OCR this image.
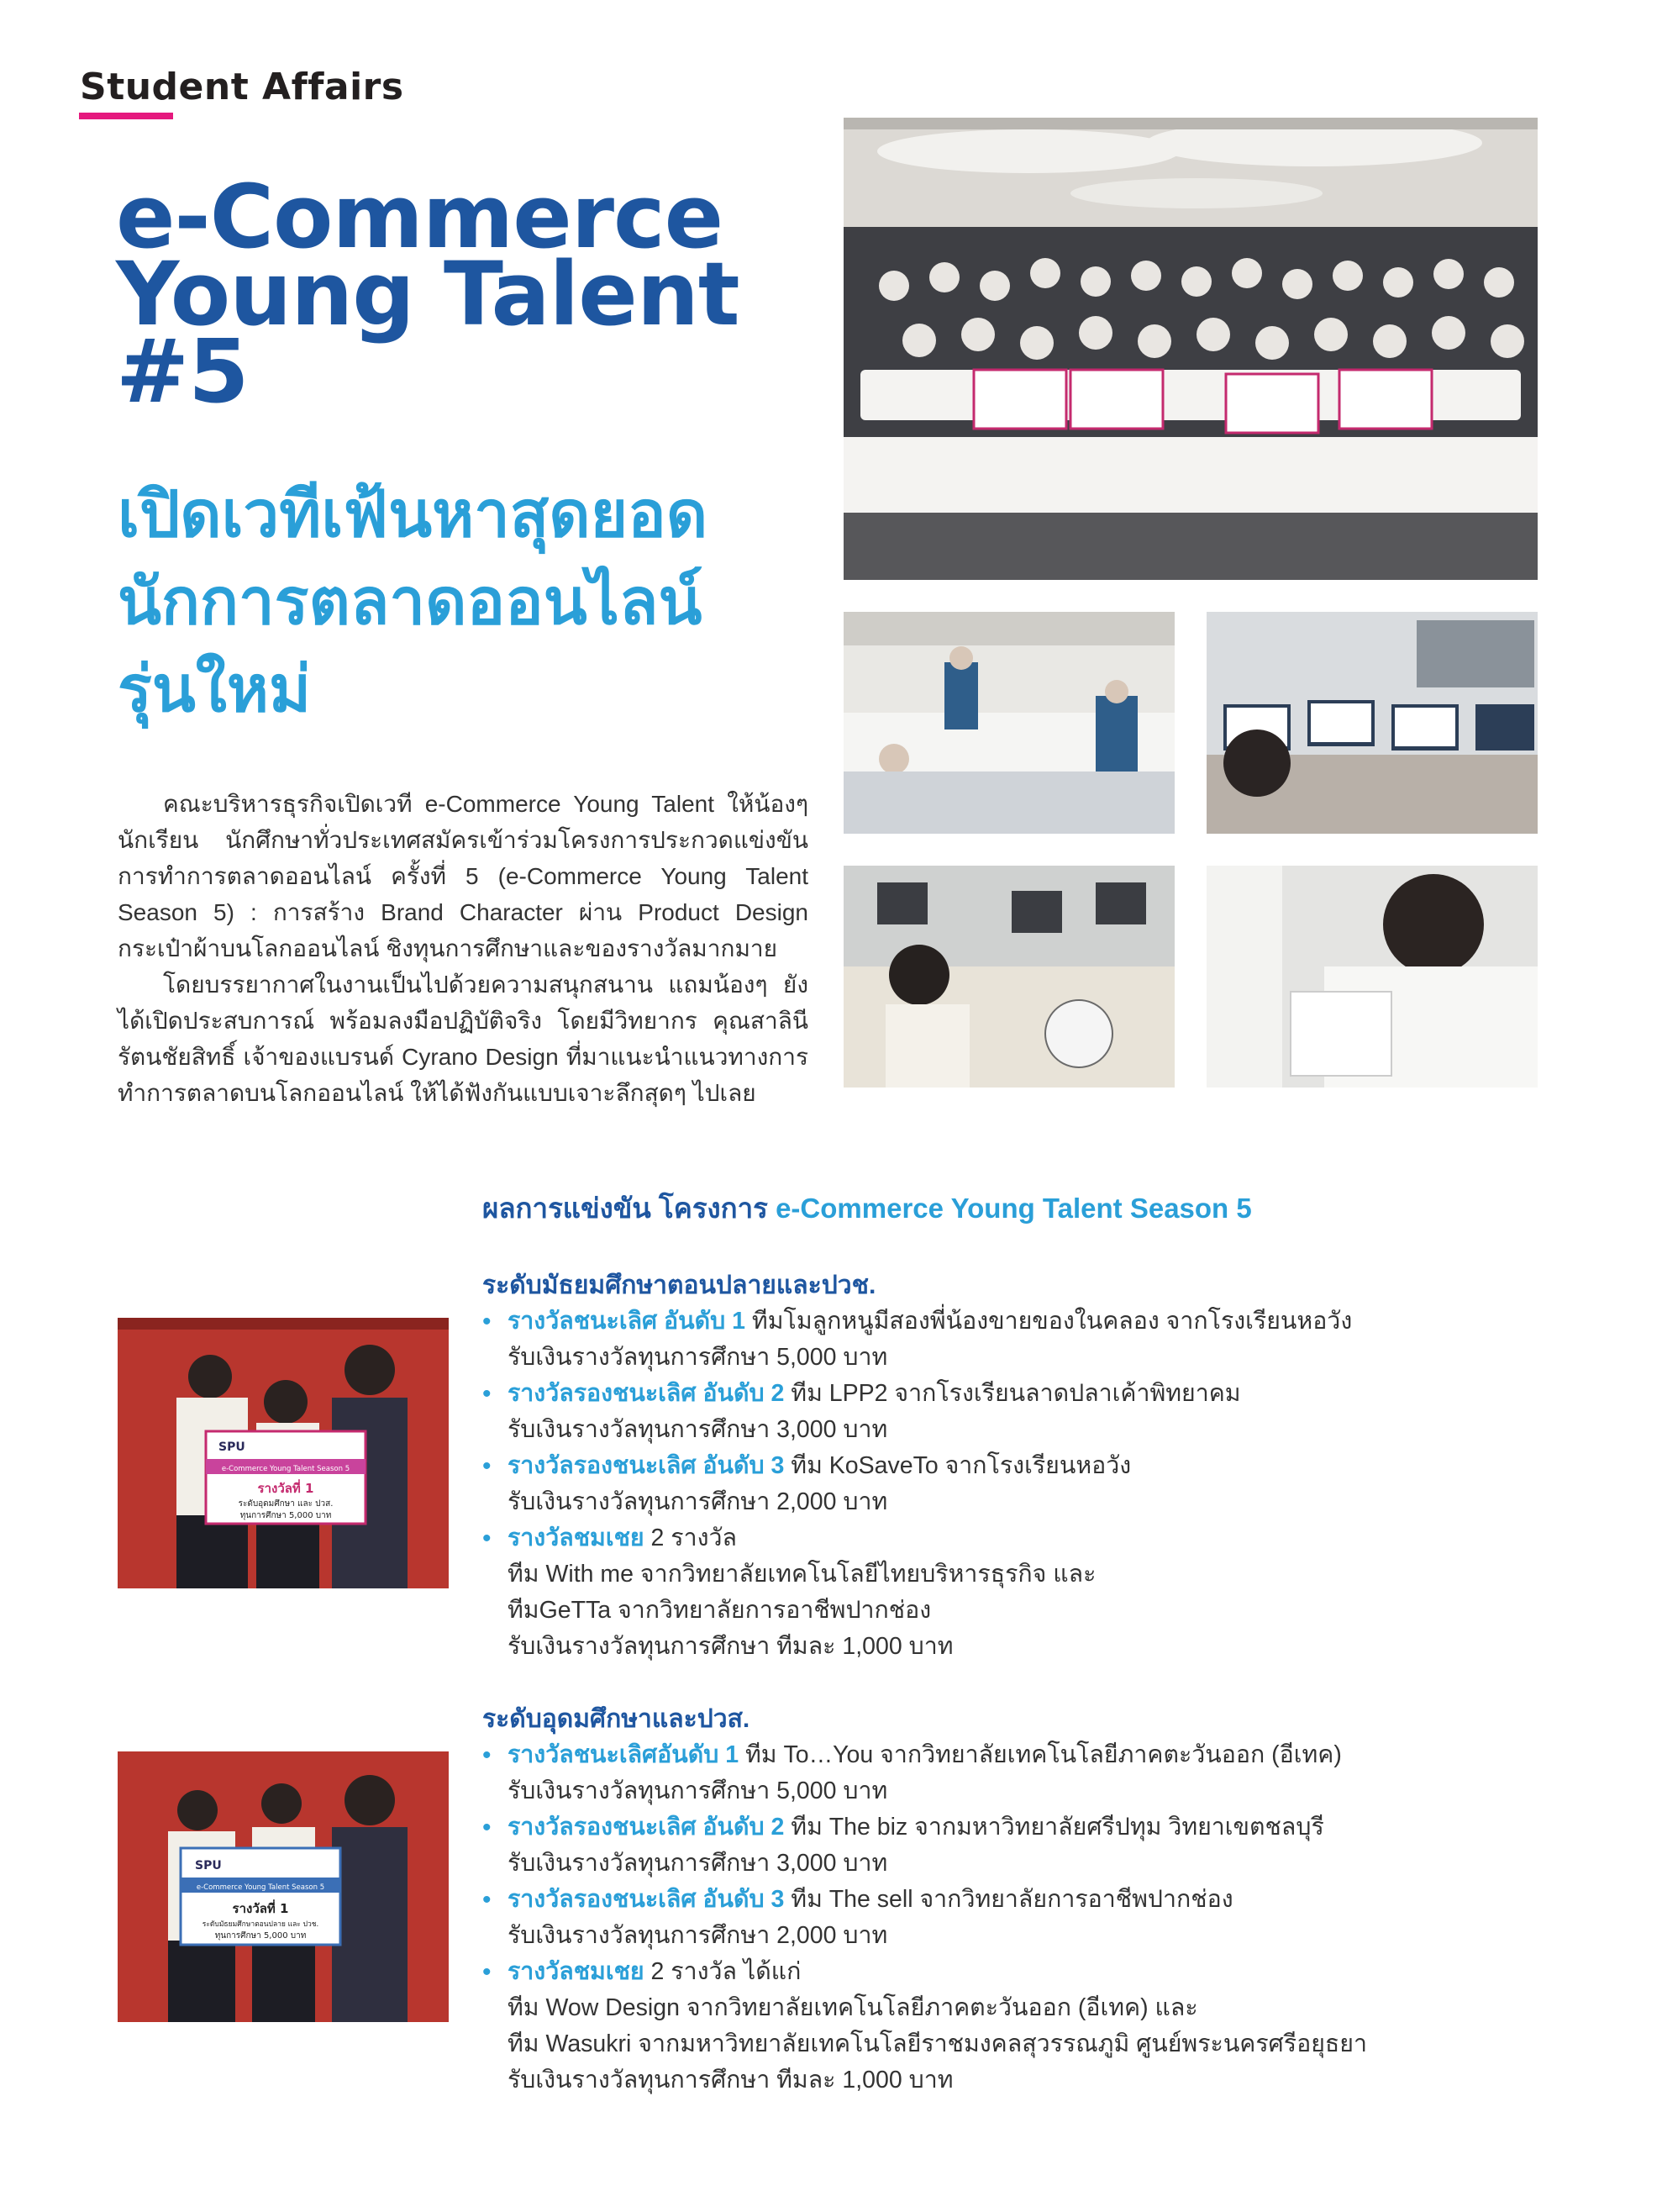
Student Affairs
e-Commerce
Young Talent
#5
เปิดเวทีเฟ้นหาสุดยอด
นักการตลาดออนไลน์
รุ่นใหม่

คณะบริหารธุรกิจเปิดเวที e-Commerce Young Talent ให้น้องๆ นักเรียน นักศึกษาทั่วประเทศสมัครเข้าร่วมโครงการประกวดแข่งขันการทำการตลาดออนไลน์ ครั้งที่ 5 (e-Commerce Young Talent Season 5) : การสร้าง Brand Character ผ่าน Product Design กระเป๋าผ้าบนโลกออนไลน์ ชิงทุนการศึกษาและของรางวัลมากมาย

โดยบรรยากาศในงานเป็นไปด้วยความสนุกสนาน แถมน้องๆ ยังได้เปิดประสบการณ์ พร้อมลงมือปฏิบัติจริง โดยมีวิทยากร คุณสาลินี รัตนชัยสิทธิ์ เจ้าของแบรนด์ Cyrano Design ที่มาแนะนำแนวทางการทำการตลาดบนโลกออนไลน์ ให้ได้ฟังกันแบบเจาะลึกสุดๆ ไปเลย

SPU
e-Commerce Young Talent Season 5
รางวัลที่ 1
ระดับอุดมศึกษา และ ปวส.
ทุนการศึกษา 5,000 บาท
SPU
e-Commerce Young Talent Season 5
รางวัลที่ 1
ระดับมัธยมศึกษาตอนปลาย และ ปวช.
ทุนการศึกษา 5,000 บาท
ผลการแข่งขัน โครงการ e-Commerce Young Talent Season 5
ระดับมัธยมศึกษาตอนปลายและปวช.
• รางวัลชนะเลิศ อันดับ 1 ทีมโมลูกหนูมีสองพี่น้องขายของในคลอง จากโรงเรียนหอวัง
รับเงินรางวัลทุนการศึกษา 5,000 บาท
• รางวัลรองชนะเลิศ อันดับ 2 ทีม LPP2 จากโรงเรียนลาดปลาเค้าพิทยาคม
รับเงินรางวัลทุนการศึกษา 3,000 บาท
• รางวัลรองชนะเลิศ อันดับ 3 ทีม KoSaveTo จากโรงเรียนหอวัง
รับเงินรางวัลทุนการศึกษา 2,000 บาท
• รางวัลชมเชย 2 รางวัล
ทีม With me จากวิทยาลัยเทคโนโลยีไทยบริหารธุรกิจ และ
ทีมGeTTa จากวิทยาลัยการอาชีพปากช่อง
รับเงินรางวัลทุนการศึกษา ทีมละ 1,000 บาท
ระดับอุดมศึกษาและปวส.
• รางวัลชนะเลิศอันดับ 1 ทีม To…You จากวิทยาลัยเทคโนโลยีภาคตะวันออก (อีเทค)
รับเงินรางวัลทุนการศึกษา 5,000 บาท
• รางวัลรองชนะเลิศ อันดับ 2 ทีม The biz จากมหาวิทยาลัยศรีปทุม วิทยาเขตชลบุรี
รับเงินรางวัลทุนการศึกษา 3,000 บาท
• รางวัลรองชนะเลิศ อันดับ 3 ทีม The sell จากวิทยาลัยการอาชีพปากช่อง
รับเงินรางวัลทุนการศึกษา 2,000 บาท
• รางวัลชมเชย 2 รางวัล ได้แก่
ทีม Wow Design จากวิทยาลัยเทคโนโลยีภาคตะวันออก (อีเทค) และ
ทีม Wasukri จากมหาวิทยาลัยเทคโนโลยีราชมงคลสุวรรณภูมิ ศูนย์พระนครศรีอยุธยา
รับเงินรางวัลทุนการศึกษา ทีมละ 1,000 บาท
